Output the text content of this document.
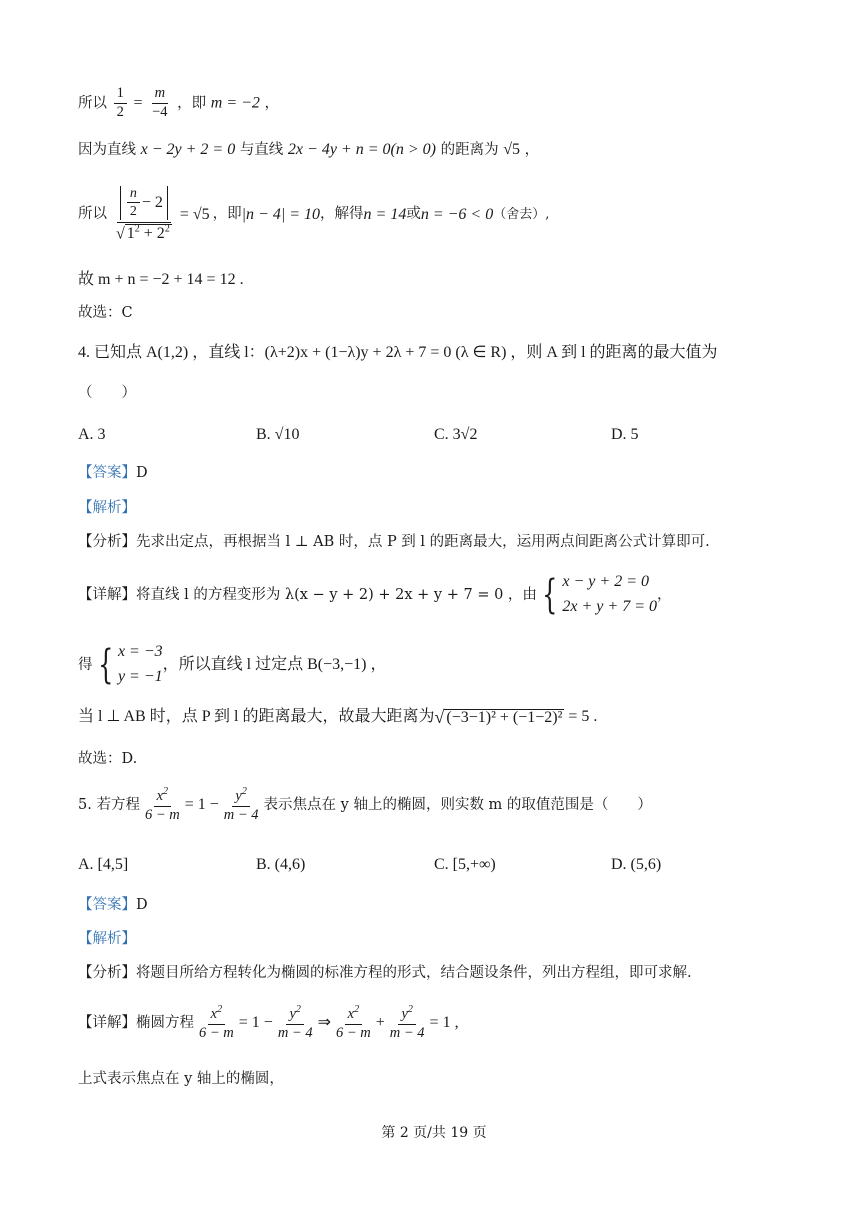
所以 $\frac{1}{2} = \frac{m}{-4}$ ，即 m = −2 ，
因为直线 x − 2y + 2 = 0 与直线 2x − 4y + n = 0(n > 0) 的距离为 √5 ，
所以 $\frac{\frac{n}{2} - 2}{√ 1^2 + 2^2} = √5$ ，即 |n − 4| = 10 ，解得 n = 14 或 n = −6 < 0 （舍去）,
故 m + n = −2 + 14 = 12 .
故选：C
4. 已知点 A(1,2) ，直线 l：(λ+2)x + (1−λ)y + 2λ + 7 = 0 (λ ∈ R) ，则 A 到 l 的距离的最大值为
（　　）
A. 3	B. √10	C. 3√2	D. 5
【答案】D
【解析】
【分析】先求出定点，再根据当 l ⊥ AB 时，点 P 到 l 的距离最大，运用两点间距离公式计算即可.
【详解】 将直线 l 的方程变形为 λ(x − y + 2) + 2x + y + 7 = 0 ，由 { x − y + 2 = 0
2x + y + 7 = 0
，
得 { x = −3
y = −1
，所以直线 l 过定点 B(−3,−1) ，
当 l ⊥ AB 时，点 P 到 l 的距离最大，故最大距离为 √ (−3−1)² + (−1−2)² = 5 .
故选：D.
5. 若方程 $\frac{x^2}{6 - m} = 1 - \frac{y^2}{m - 4}$ 表示焦点在 y 轴上的椭圆，则实数 m 的取值范围是（　　）
A. [4,5]	B. (4,6)	C. [5,+∞)	D. (5,6)
【答案】D
【解析】
【分析】将题目所给方程转化为椭圆的标准方程的形式，结合题设条件，列出方程组，即可求解.
【详解】 椭圆方程 $\frac{x^2}{6 - m} = 1 - \frac{y^2}{m - 4}$ ⇒ $\frac{x^2}{6 - m} + \frac{y^2}{m - 4} = 1$ ,
上式表示焦点在 y 轴上的椭圆，
第 2 页/共 19 页
